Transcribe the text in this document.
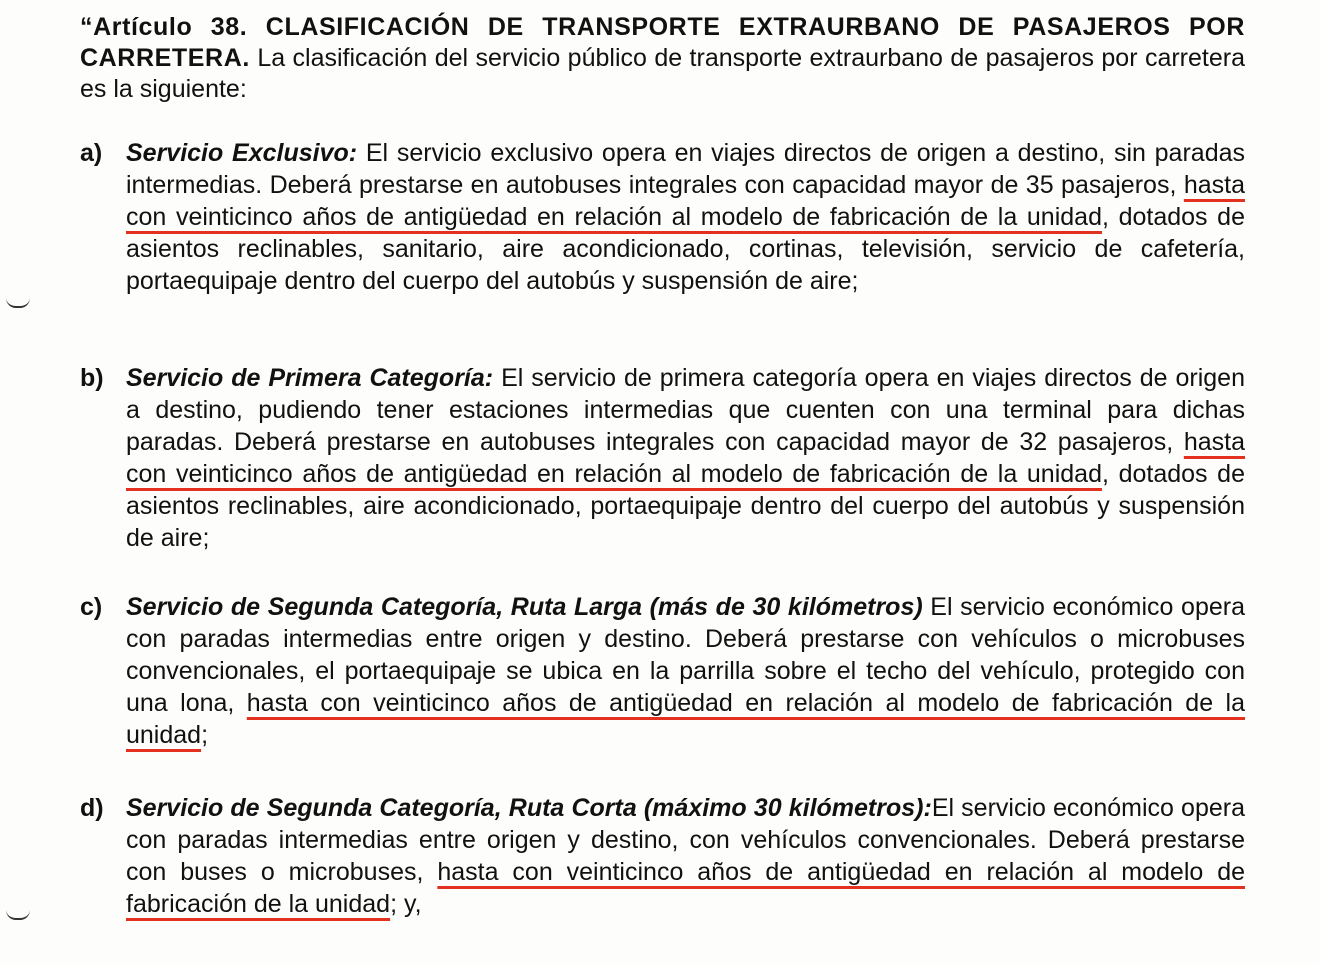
“Artículo 38. CLASIFICACIÓN DE TRANSPORTE EXTRAURBANO DE PASAJEROS POR CARRETERA. La clasificación del servicio público de transporte extraurbano de pasajeros por carretera es la siguiente:
a) Servicio Exclusivo: El servicio exclusivo opera en viajes directos de origen a destino, sin paradas intermedias. Deberá prestarse en autobuses integrales con capacidad mayor de 35 pasajeros, hasta con veinticinco años de antigüedad en relación al modelo de fabricación de la unidad, dotados de asientos reclinables, sanitario, aire acondicionado, cortinas, televisión, servicio de cafetería, portaequipaje dentro del cuerpo del autobús y suspensión de aire;
b) Servicio de Primera Categoría: El servicio de primera categoría opera en viajes directos de origen a destino, pudiendo tener estaciones intermedias que cuenten con una terminal para dichas paradas. Deberá prestarse en autobuses integrales con capacidad mayor de 32 pasajeros, hasta con veinticinco años de antigüedad en relación al modelo de fabricación de la unidad, dotados de asientos reclinables, aire acondicionado, portaequipaje dentro del cuerpo del autobús y suspensión de aire;
c) Servicio de Segunda Categoría, Ruta Larga (más de 30 kilómetros) El servicio económico opera con paradas intermedias entre origen y destino. Deberá prestarse con vehículos o microbuses convencionales, el portaequipaje se ubica en la parrilla sobre el techo del vehículo, protegido con una lona, hasta con veinticinco años de antigüedad en relación al modelo de fabricación de la unidad;
d) Servicio de Segunda Categoría, Ruta Corta (máximo 30 kilómetros):El servicio económico opera con paradas intermedias entre origen y destino, con vehículos convencionales. Deberá prestarse con buses o microbuses, hasta con veinticinco años de antigüedad en relación al modelo de fabricación de la unidad; y,
